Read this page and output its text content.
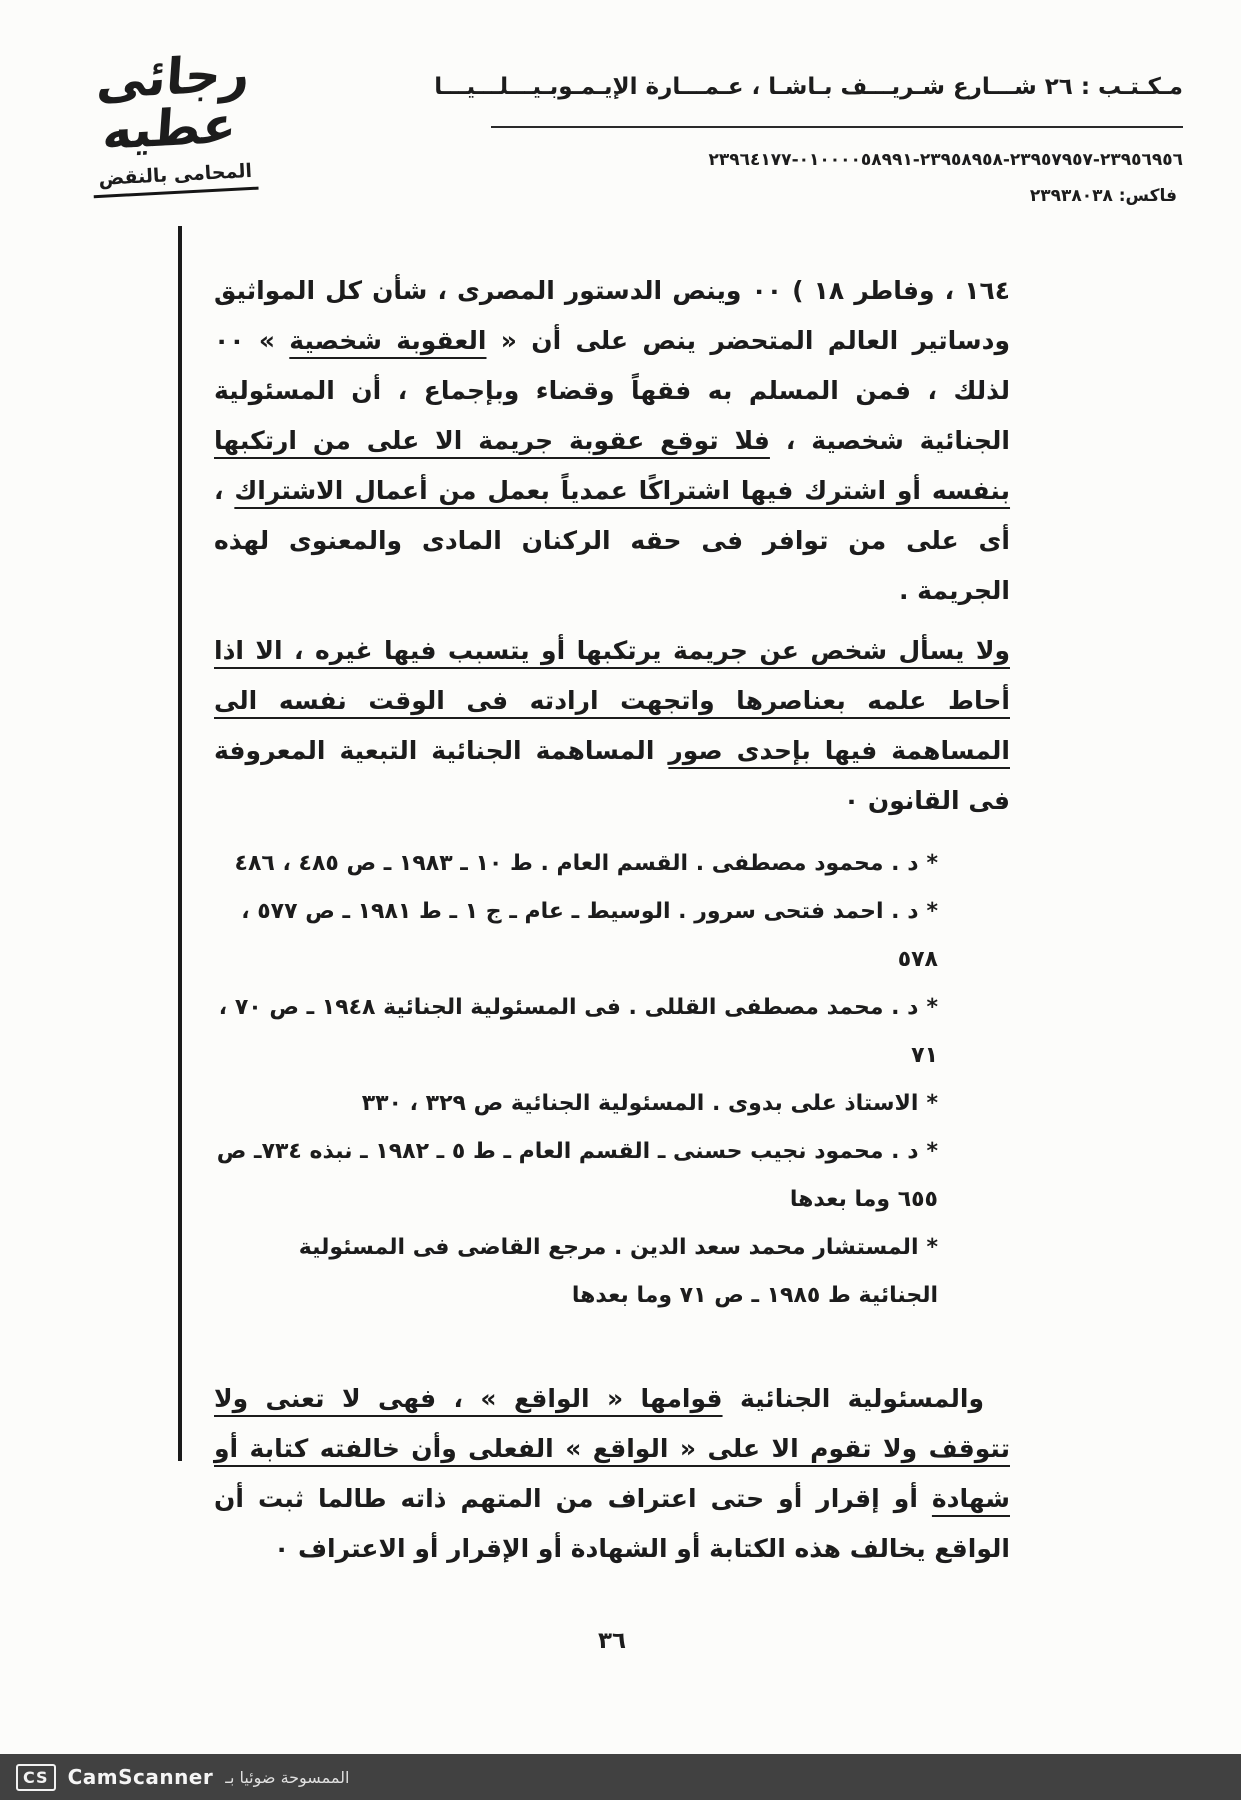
رجائى عطيه
المحامى بالنقض
مـكـتـب : ٢٦ شـــارع شـريـــف بـاشـا ، عـمـــارة الإيـمـوبـيـــلـــيـــا
٢٣٩٥٦٩٥٦-٢٣٩٥٧٩٥٧-٢٣٩٥٨٩٥٨-٠١٠٠٠٠٥٨٩٩١-٢٣٩٦٤١٧٧
فاكس: ٢٣٩٣٨٠٣٨

١٦٤ ، وفاطر ١٨ ) ٠٠ وينص الدستور المصرى ، شأن كل المواثيق ودساتير العالم المتحضر ينص على أن « العقوبة شخصية » ٠٠ لذلك ، فمن المسلم به فقهاً وقضاء وبإجماع ، أن المسئولية الجنائية شخصية ، فلا توقع عقوبة جريمة الا على من ارتكبها بنفسه أو اشترك فيها اشتراكًا عمدياً بعمل من أعمال الاشتراك ، أى على من توافر فى حقه الركنان المادى والمعنوى لهذه الجريمة .

ولا يسأل شخص عن جريمة يرتكبها أو يتسبب فيها غيره ، الا اذا أحاط علمه بعناصرها واتجهت ارادته فى الوقت نفسه الى المساهمة فيها بإحدى صور المساهمة الجنائية التبعية المعروفة فى القانون ٠

*د . محمود مصطفى . القسم العام . ط ١٠ ـ ١٩٨٣ ـ ص ٤٨٥ ، ٤٨٦
*د . احمد فتحى سرور . الوسيط ـ عام ـ ج ١ ـ ط ١٩٨١ ـ ص ٥٧٧ ، ٥٧٨
*د . محمد مصطفى القللى . فى المسئولية الجنائية ١٩٤٨ ـ ص ٧٠ ، ٧١
*الاستاذ على بدوى . المسئولية الجنائية ص ٣٢٩ ، ٣٣٠
*د . محمود نجيب حسنى ـ القسم العام ـ ط ٥ ـ ١٩٨٢ ـ نبذه ٧٣٤ـ ص ٦٥٥ وما بعدها
*المستشار محمد سعد الدين . مرجع القاضى فى المسئولية الجنائية ط ١٩٨٥ ـ ص ٧١ وما بعدها

والمسئولية الجنائية قوامها « الواقع » ، فهى لا تعنى ولا تتوقف ولا تقوم الا على « الواقع » الفعلى وأن خالفته كتابة أو شهادة أو إقرار أو حتى اعتراف من المتهم ذاته طالما ثبت أن الواقع يخالف هذه الكتابة أو الشهادة أو الإقرار أو الاعتراف ٠

٣٦
CS CamScanner الممسوحة ضوئيا بـ
